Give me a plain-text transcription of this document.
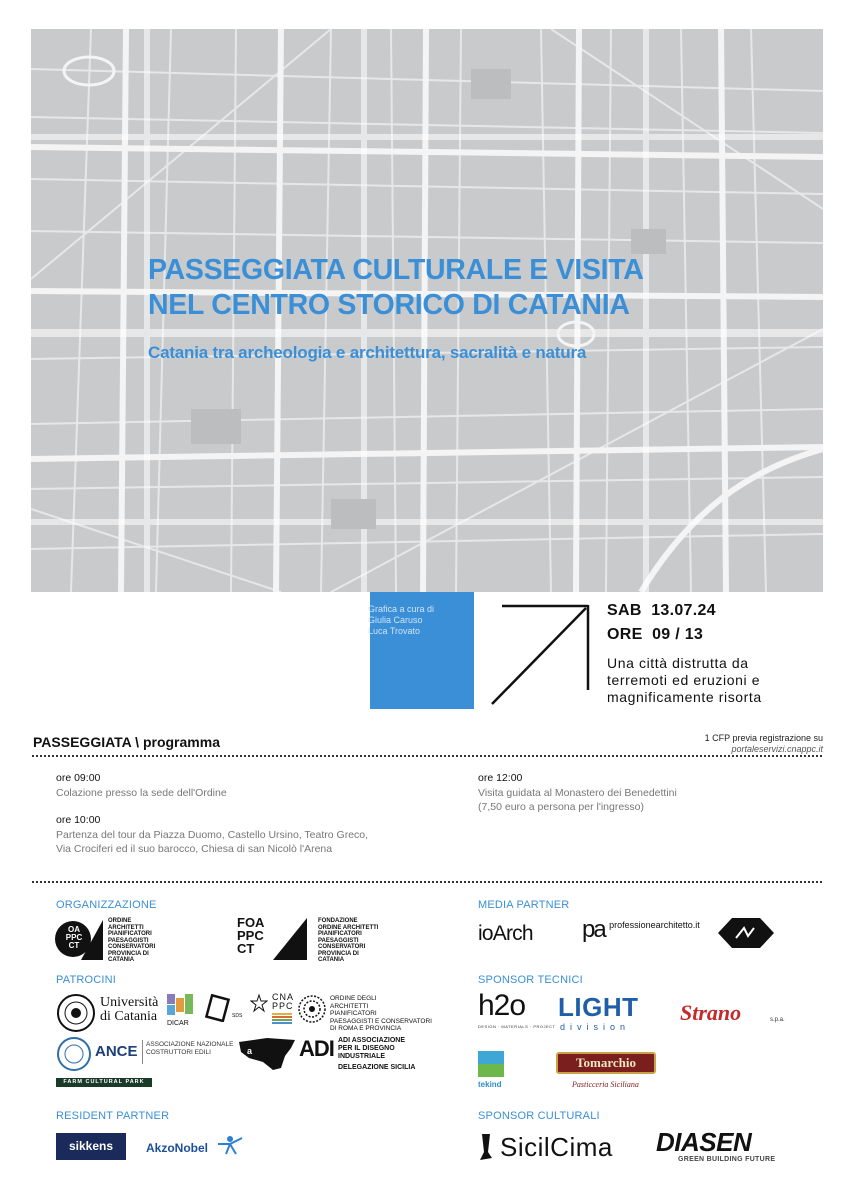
PASSEGGIATA CULTURALE E VISITA
NEL CENTRO STORICO DI CATANIA
Catania tra archeologia e architettura, sacralità e natura
Grafica a cura di
Giulia Caruso
Luca Trovato
SAB 13.07.24
ORE 09 / 13
Una città distrutta da
terremoti ed eruzioni e
magnificamente risorta
PASSEGGIATA \ programma	1 CFP previa registrazione su
portaleservizi.cnappc.it
ore 09:00
Colazione presso la sede dell'Ordine
ore 10:00
Partenza del tour da Piazza Duomo, Castello Ursino, Teatro Greco,
Via Crociferi ed il suo barocco, Chiesa di san Nicolò l'Arena
ore 12:00
Visita guidata al Monastero dei Benedettini
(7,50 euro a persona per l'ingresso)
ORGANIZZAZIONE	MEDIA PARTNER
PATROCINI	SPONSOR TECNICI
RESIDENT PARTNER	SPONSOR CULTURALI
OA
PPC
CT
ORDINE
ARCHITETTI
PIANIFICATORI
PAESAGGISTI
CONSERVATORI
PROVINCIA DI
CATANIA
FOA
PPC
CT
FONDAZIONE
ORDINE ARCHITETTI
PIANIFICATORI
PAESAGGISTI
CONSERVATORI
PROVINCIA DI
CATANIA
ioArch pa $^{professionearchitetto.it}$
Università
di Catania DICAR
SDS
CNA
PPC
ORDINE DEGLI
ARCHITETTI
PIANIFICATORI
PAESAGGISTI E CONSERVATORI
DI ROMA E PROVINCIA
ANCE ASSOCIAZIONE NAZIONALE
COSTRUTTORI EDILI
FARM CULTURAL PARK
a ADI ADI ASSOCIAZIONE
PER IL DISEGNO
INDUSTRIALE
DELEGAZIONE SICILIA
h2o
DESIGN · MATERIALS · PROJECT
LIGHT
division
Strano	s.p.a.
tekind
Tomarchio
Pasticceria Siciliana
sikkens	AkzoNobel	SicilCima DIASEN
GREEN BUILDING FUTURE
